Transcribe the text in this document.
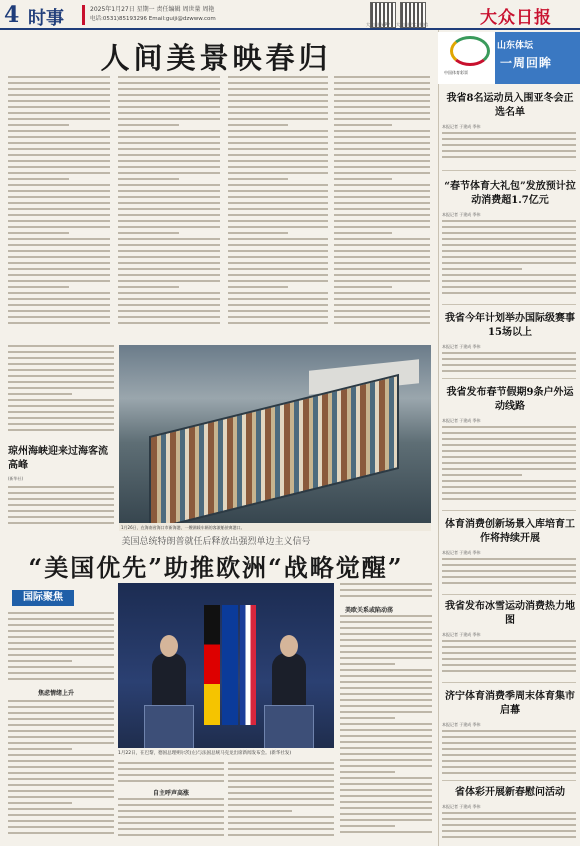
4 时事	2025年1月27日 星期一 责任编辑 周世量 周艳
电话:0531)85193296 Email:guiji@dzwww.com
大众日报APP 大众日报官方微信	大众日报
人间美景映春归
琼州海峡迎来过海客流高峰
(新华社)
1月26日，在海南省海口市新海港，一艘满载车辆的客滚船驶离港口。
美国总统特朗普就任后释放出强烈单边主义信号
“美国优先”助推欧洲“战略觉醒”
国际聚焦
焦虑情绪上升
1月22日，在巴黎，德国总理朔尔茨(左)与法国总统马克龙出席新闻发布会。(新华社发)
自主呼声高涨
美欧关系或陷动荡
中国体育彩票
山东体坛
一周回眸
我省8名运动员入围亚冬会正选名单
本报记者 于建成 季伟
“春节体育大礼包”发放预计拉动消费超1.7亿元
本报记者 于建成 季伟
我省今年计划举办国际级赛事15场以上
本报记者 于建成 季伟
我省发布春节假期9条户外运动线路
本报记者 于建成 季伟
体育消费创新场景入库培育工作将持续开展
本报记者 于建成 季伟
我省发布冰雪运动消费热力地图
本报记者 于建成 季伟
济宁体育消费季周末体育集市启幕
本报记者 于建成 季伟
省体彩开展新春慰问活动
本报记者 于建成 季伟
